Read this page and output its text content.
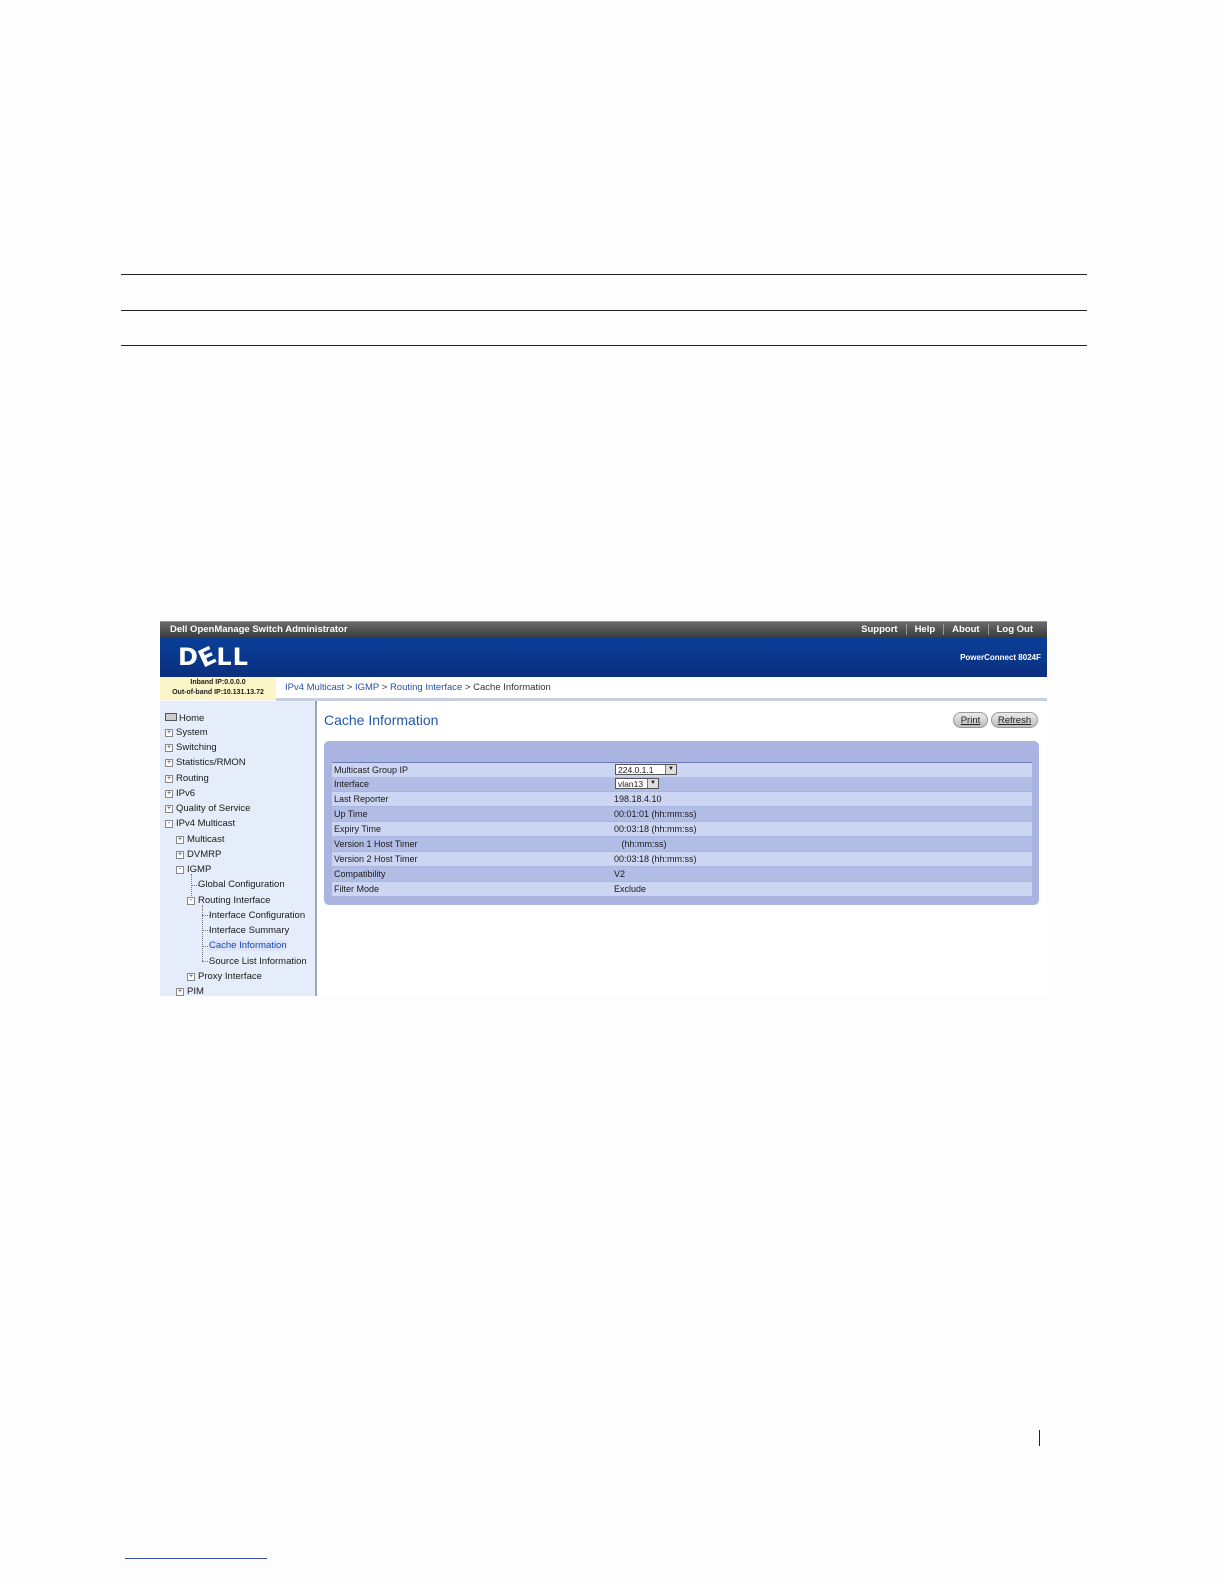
Dell OpenManage Switch Administrator	Support	Help	About	Log Out
DELL	PowerConnect 8024F
Inband IP:0.0.0.0
Out-of-band IP:10.131.13.72	IPv4 Multicast > IGMP > Routing Interface > Cache Information
Home
+ System
+ Switching
+ Statistics/RMON
+ Routing
+ IPv6
+ Quality of Service
- IPv4 Multicast
+ Multicast
+ DVMRP
- IGMP
Global Configuration
- Routing Interface
Interface Configuration
Interface Summary
Cache Information
Source List Information
+ Proxy Interface
+ PIM
Cache Information	Print	Refresh
Multicast Group IP	224.0.1.1	▼
Interface	vlan13	▼
Last Reporter	198.18.4.10
Up Time	00:01:01 (hh:mm:ss)
Expiry Time	00:03:18 (hh:mm:ss)
Version 1 Host Timer	(hh:mm:ss)
Version 2 Host Timer	00:03:18 (hh:mm:ss)
Compatibility	V2
Filter Mode	Exclude
